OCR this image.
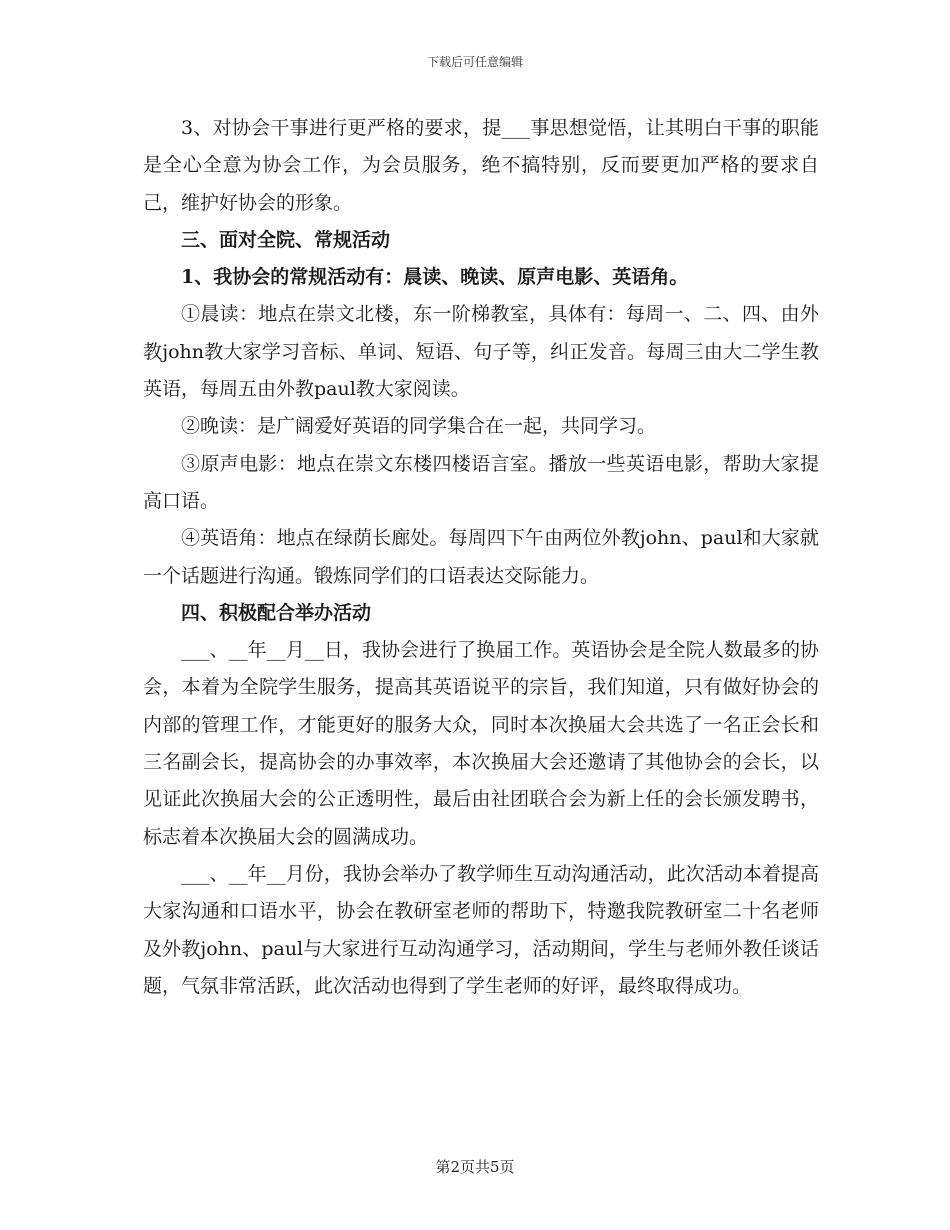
下载后可任意编辑

3、对协会干事进行更严格的要求，提___事思想觉悟，让其明白干事的职能是全心全意为协会工作，为会员服务，绝不搞特别，反而要更加严格的要求自己，维护好协会的形象。

三、面对全院、常规活动

1、我协会的常规活动有：晨读、晚读、原声电影、英语角。

①晨读：地点在崇文北楼，东一阶梯教室，具体有：每周一、二、四、由外教john教大家学习音标、单词、短语、句子等，纠正发音。每周三由大二学生教英语，每周五由外教paul教大家阅读。

②晚读：是广阔爱好英语的同学集合在一起，共同学习。

③原声电影：地点在崇文东楼四楼语言室。播放一些英语电影，帮助大家提高口语。

④英语角：地点在绿荫长廊处。每周四下午由两位外教john、paul和大家就一个话题进行沟通。锻炼同学们的口语表达交际能力。

四、积极配合举办活动

___、__年__月__日，我协会进行了换届工作。英语协会是全院人数最多的协会，本着为全院学生服务，提高其英语说平的宗旨，我们知道，只有做好协会的内部的管理工作，才能更好的服务大众，同时本次换届大会共选了一名正会长和三名副会长，提高协会的办事效率，本次换届大会还邀请了其他协会的会长，以见证此次换届大会的公正透明性，最后由社团联合会为新上任的会长颁发聘书，标志着本次换届大会的圆满成功。

___、__年__月份，我协会举办了教学师生互动沟通活动，此次活动本着提高大家沟通和口语水平，协会在教研室老师的帮助下，特邀我院教研室二十名老师及外教john、paul与大家进行互动沟通学习，活动期间，学生与老师外教任谈话题，气氛非常活跃，此次活动也得到了学生老师的好评，最终取得成功。

第2页共5页
